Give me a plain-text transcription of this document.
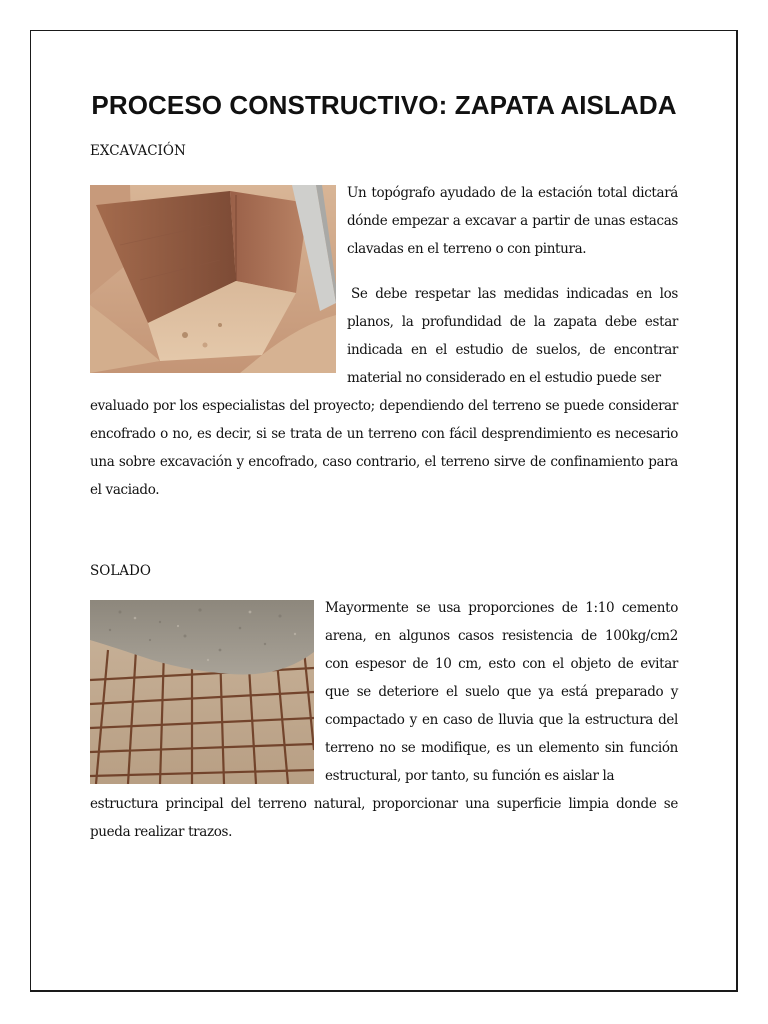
PROCESO CONSTRUCTIVO: ZAPATA AISLADA
EXCAVACIÓN

Un topógrafo ayudado de la estación total dictará dónde empezar a excavar a partir de unas estacas clavadas en el terreno o con pintura.

Se debe respetar las medidas indicadas en los planos, la profundidad de la zapata debe estar indicada en el estudio de suelos, de encontrar material no considerado en el estudio puede ser

evaluado por los especialistas del proyecto; dependiendo del terreno se puede considerar encofrado o no, es decir, si se trata de un terreno con fácil desprendimiento es necesario una sobre excavación y encofrado, caso contrario, el terreno sirve de confinamiento para el vaciado.

SOLADO

Mayormente se usa proporciones de 1:10 cemento arena, en algunos casos resistencia de 100kg/cm2 con espesor de 10 cm, esto con el objeto de evitar que se deteriore el suelo que ya está preparado y compactado y en caso de lluvia que la estructura del terreno no se modifique, es un elemento sin función estructural, por tanto, su función es aislar la

estructura principal del terreno natural, proporcionar una superficie limpia donde se pueda realizar trazos.
